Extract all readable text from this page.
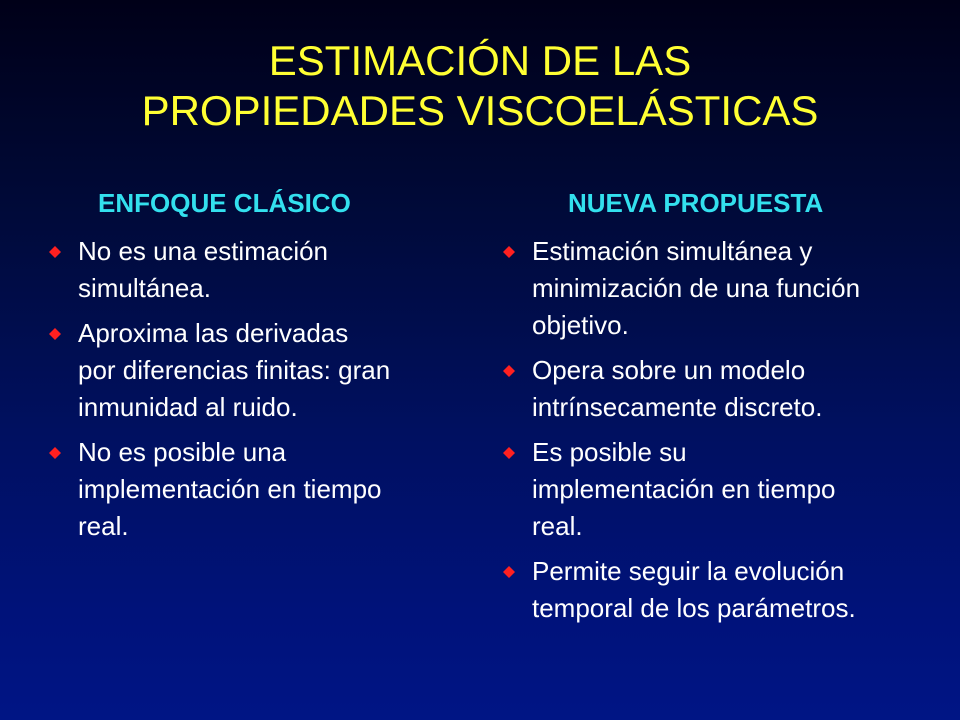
ESTIMACIÓN DE LAS
PROPIEDADES VISCOELÁSTICAS
ENFOQUE CLÁSICO	NUEVA PROPUESTA
No es una estimación
simultánea.
Aproxima las derivadas
por diferencias finitas: gran
inmunidad al ruido.
No es posible una
implementación en tiempo
real.
Estimación simultánea y
minimización de una función
objetivo.
Opera sobre un modelo
intrínsecamente discreto.
Es posible su
implementación en tiempo
real.
Permite seguir la evolución
temporal de los parámetros.
